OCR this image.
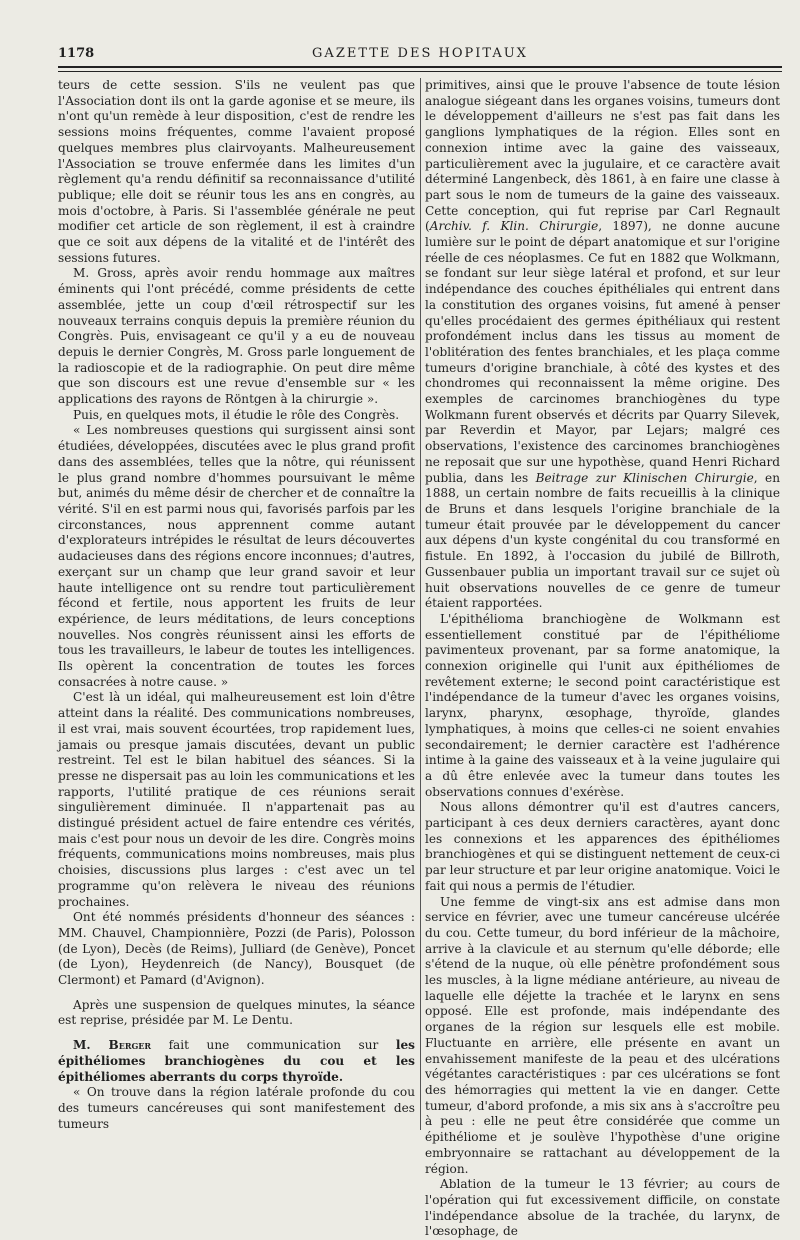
1178	GAZETTE DES HOPITAUX

teurs de cette session. S'ils ne veulent pas que l'Association dont ils ont la garde agonise et se meure, ils n'ont qu'un remède à leur disposition, c'est de rendre les sessions moins fréquentes, comme l'avaient proposé quelques membres plus clairvoyants. Malheureusement l'Association se trouve enfermée dans les limites d'un règlement qu'a rendu définitif sa reconnaissance d'utilité publique; elle doit se réunir tous les ans en congrès, au mois d'octobre, à Paris. Si l'assemblée générale ne peut modifier cet article de son règlement, il est à craindre que ce soit aux dépens de la vitalité et de l'intérêt des sessions futures.

M. Gross, après avoir rendu hommage aux maîtres éminents qui l'ont précédé, comme présidents de cette assemblée, jette un coup d'œil rétrospectif sur les nouveaux terrains conquis depuis la première réunion du Congrès. Puis, envisageant ce qu'il y a eu de nouveau depuis le dernier Congrès, M. Gross parle longuement de la radioscopie et de la radiographie. On peut dire même que son discours est une revue d'ensemble sur « les applications des rayons de Röntgen à la chirurgie ».

Puis, en quelques mots, il étudie le rôle des Congrès.

« Les nombreuses questions qui surgissent ainsi sont étudiées, développées, discutées avec le plus grand profit dans des assemblées, telles que la nôtre, qui réunissent le plus grand nombre d'hommes poursuivant le même but, animés du même désir de chercher et de connaître la vérité. S'il en est parmi nous qui, favorisés parfois par les circonstances, nous apprennent comme autant d'explorateurs intrépides le résultat de leurs découvertes audacieuses dans des régions encore inconnues; d'autres, exerçant sur un champ que leur grand savoir et leur haute intelligence ont su rendre tout particulièrement fécond et fertile, nous apportent les fruits de leur expérience, de leurs méditations, de leurs conceptions nouvelles. Nos congrès réunissent ainsi les efforts de tous les travailleurs, le labeur de toutes les intelligences. Ils opèrent la concentration de toutes les forces consacrées à notre cause. »

C'est là un idéal, qui malheureusement est loin d'être atteint dans la réalité. Des communications nombreuses, il est vrai, mais souvent écourtées, trop rapidement lues, jamais ou presque jamais discutées, devant un public restreint. Tel est le bilan habituel des séances. Si la presse ne dispersait pas au loin les communications et les rapports, l'utilité pratique de ces réunions serait singulièrement diminuée. Il n'appartenait pas au distingué président actuel de faire entendre ces vérités, mais c'est pour nous un devoir de les dire. Congrès moins fréquents, communications moins nombreuses, mais plus choisies, discussions plus larges : c'est avec un tel programme qu'on relèvera le niveau des réunions prochaines.

Ont été nommés présidents d'honneur des séances : MM. Chauvel, Championnière, Pozzi (de Paris), Polosson (de Lyon), Decès (de Reims), Julliard (de Genève), Poncet (de Lyon), Heydenreich (de Nancy), Bousquet (de Clermont) et Pamard (d'Avignon).

Après une suspension de quelques minutes, la séance est reprise, présidée par M. Le Dentu.

M. Berger fait une communication sur les épithéliomes branchiogènes du cou et les épithéliomes aberrants du corps thyroïde.

« On trouve dans la région latérale profonde du cou des tumeurs cancéreuses qui sont manifestement des tumeurs

primitives, ainsi que le prouve l'absence de toute lésion analogue siégeant dans les organes voisins, tumeurs dont le développement d'ailleurs ne s'est pas fait dans les ganglions lymphatiques de la région. Elles sont en connexion intime avec la gaine des vaisseaux, particulièrement avec la jugulaire, et ce caractère avait déterminé Langenbeck, dès 1861, à en faire une classe à part sous le nom de tumeurs de la gaine des vaisseaux. Cette conception, qui fut reprise par Carl Regnault (Archiv. f. Klin. Chirurgie, 1897), ne donne aucune lumière sur le point de départ anatomique et sur l'origine réelle de ces néoplasmes. Ce fut en 1882 que Wolkmann, se fondant sur leur siège latéral et profond, et sur leur indépendance des couches épithéliales qui entrent dans la constitution des organes voisins, fut amené à penser qu'elles procédaient des germes épithéliaux qui restent profondément inclus dans les tissus au moment de l'oblitération des fentes branchiales, et les plaça comme tumeurs d'origine branchiale, à côté des kystes et des chondromes qui reconnaissent la même origine. Des exemples de carcinomes branchiogènes du type Wolkmann furent observés et décrits par Quarry Silevek, par Reverdin et Mayor, par Lejars; malgré ces observations, l'existence des carcinomes branchiogènes ne reposait que sur une hypothèse, quand Henri Richard publia, dans les Beitrage zur Klinischen Chirurgie, en 1888, un certain nombre de faits recueillis à la clinique de Bruns et dans lesquels l'origine branchiale de la tumeur était prouvée par le développement du cancer aux dépens d'un kyste congénital du cou transformé en fistule. En 1892, à l'occasion du jubilé de Billroth, Gussenbauer publia un important travail sur ce sujet où huit observations nouvelles de ce genre de tumeur étaient rapportées.

L'épithélioma branchiogène de Wolkmann est essentiellement constitué par de l'épithéliome pavimenteux provenant, par sa forme anatomique, la connexion originelle qui l'unit aux épithéliomes de revêtement externe; le second point caractéristique est l'indépendance de la tumeur d'avec les organes voisins, larynx, pharynx, œsophage, thyroïde, glandes lymphatiques, à moins que celles-ci ne soient envahies secondairement; le dernier caractère est l'adhérence intime à la gaine des vaisseaux et à la veine jugulaire qui a dû être enlevée avec la tumeur dans toutes les observations connues d'exérèse.

Nous allons démontrer qu'il est d'autres cancers, participant à ces deux derniers caractères, ayant donc les connexions et les apparences des épithéliomes branchiogènes et qui se distinguent nettement de ceux-ci par leur structure et par leur origine anatomique. Voici le fait qui nous a permis de l'étudier.

Une femme de vingt-six ans est admise dans mon service en février, avec une tumeur cancéreuse ulcérée du cou. Cette tumeur, du bord inférieur de la mâchoire, arrive à la clavicule et au sternum qu'elle déborde; elle s'étend de la nuque, où elle pénètre profondément sous les muscles, à la ligne médiane antérieure, au niveau de laquelle elle déjette la trachée et le larynx en sens opposé. Elle est profonde, mais indépendante des organes de la région sur lesquels elle est mobile. Fluctuante en arrière, elle présente en avant un envahissement manifeste de la peau et des ulcérations végétantes caractéristiques : par ces ulcérations se font des hémorragies qui mettent la vie en danger. Cette tumeur, d'abord profonde, a mis six ans à s'accroître peu à peu : elle ne peut être considérée que comme un épithéliome et je soulève l'hypothèse d'une origine embryonnaire se rattachant au développement de la région.

Ablation de la tumeur le 13 février; au cours de l'opération qui fut excessivement difficile, on constate l'indépendance absolue de la trachée, du larynx, de l'œsophage, de
